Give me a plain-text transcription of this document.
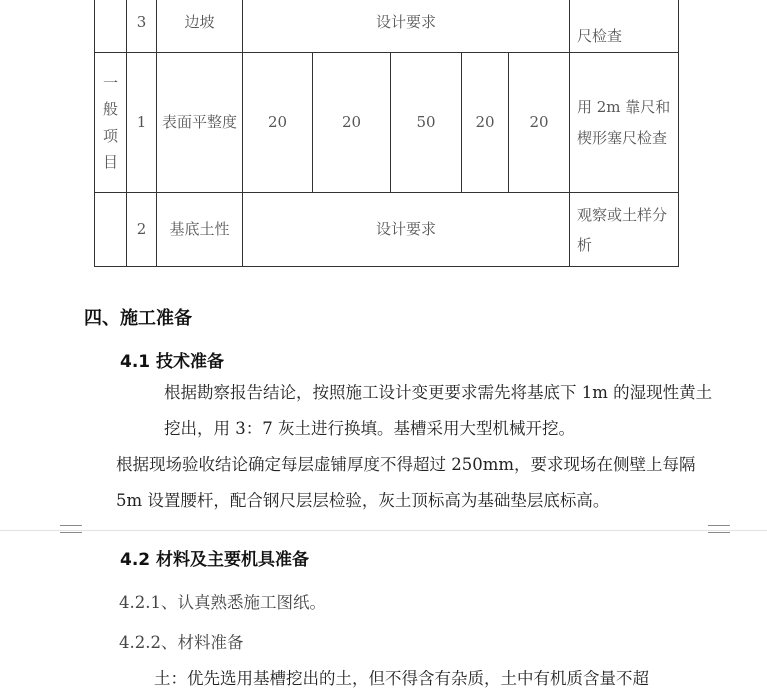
	3	边坡	设计要求					尺检查
一般项目	1	表面平整度	20	20	50	20	20	用 2m 靠尺和楔形塞尺检查
	2	基底土性	设计要求					观察或土样分析
四、施工准备
4.1 技术准备

根据勘察报告结论，按照施工设计变更要求需先将基底下 1m 的湿现性黄土挖出，用 3：7 灰土进行换填。基槽采用大型机械开挖。

根据现场验收结论确定每层虚铺厚度不得超过 250mm，要求现场在侧壁上每隔 5m 设置腰杆，配合钢尺层层检验，灰土顶标高为基础垫层底标高。

4.2 材料及主要机具准备
4.2.1、认真熟悉施工图纸。
4.2.2、材料准备
土：优先选用基槽挖出的土，但不得含有杂质，土中有机质含量不超
